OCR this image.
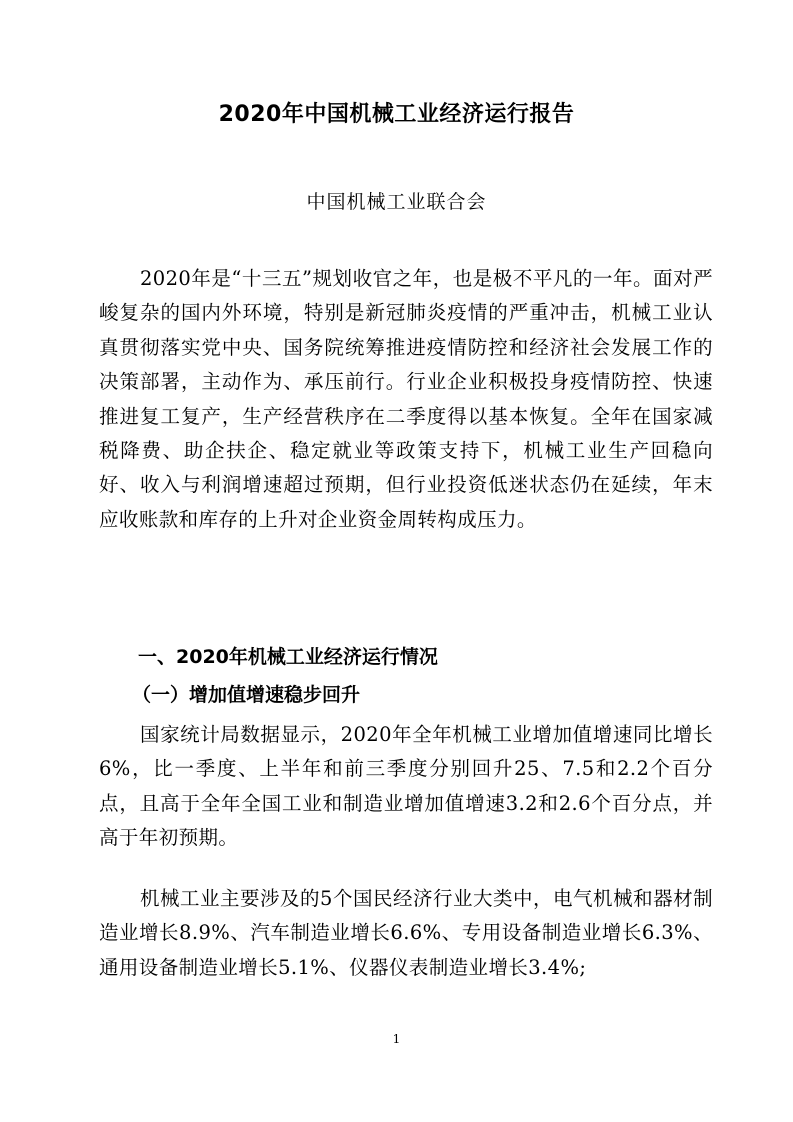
2020年中国机械工业经济运行报告

中国机械工业联合会

2020年是“十三五”规划收官之年，也是极不平凡的一年。面对严峻复杂的国内外环境，特别是新冠肺炎疫情的严重冲击，机械工业认真贯彻落实党中央、国务院统筹推进疫情防控和经济社会发展工作的决策部署，主动作为、承压前行。行业企业积极投身疫情防控、快速推进复工复产，生产经营秩序在二季度得以基本恢复。全年在国家减税降费、助企扶企、稳定就业等政策支持下，机械工业生产回稳向好、收入与利润增速超过预期，但行业投资低迷状态仍在延续，年末应收账款和库存的上升对企业资金周转构成压力。

一、2020年机械工业经济运行情况
（一）增加值增速稳步回升

国家统计局数据显示，2020年全年机械工业增加值增速同比增长6%，比一季度、上半年和前三季度分别回升25、7.5和2.2个百分点，且高于全年全国工业和制造业增加值增速3.2和2.6个百分点，并高于年初预期。

机械工业主要涉及的5个国民经济行业大类中，电气机械和器材制造业增长8.9%、汽车制造业增长6.6%、专用设备制造业增长6.3%、通用设备制造业增长5.1%、仪器仪表制造业增长3.4%;

1
